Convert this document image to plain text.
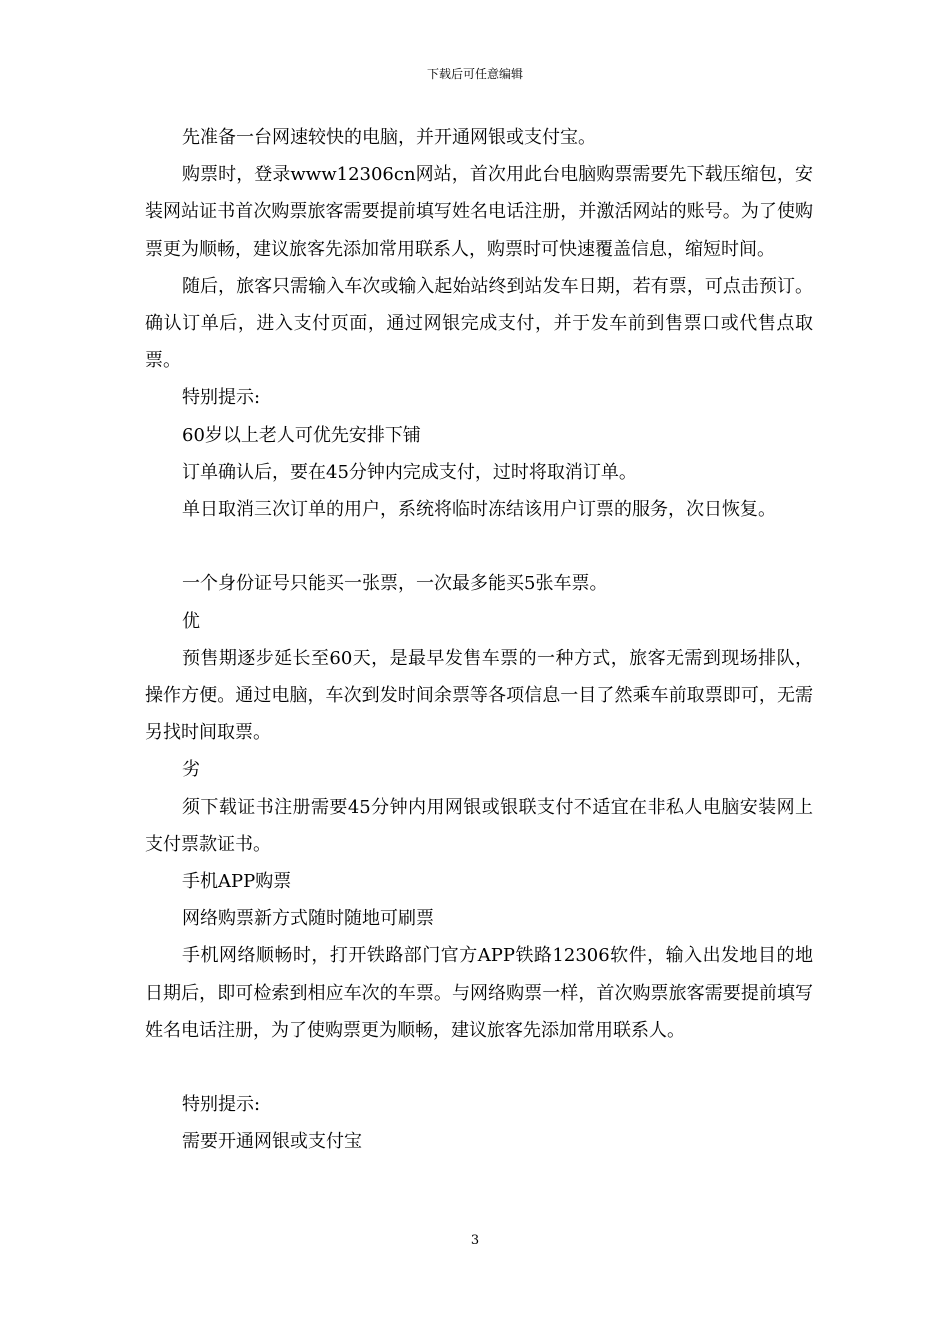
下载后可任意编辑

先准备一台网速较快的电脑，并开通网银或支付宝。

购票时，登录www12306cn网站，首次用此台电脑购票需要先下载压缩包，安装网站证书首次购票旅客需要提前填写姓名电话注册，并激活网站的账号。为了使购票更为顺畅，建议旅客先添加常用联系人，购票时可快速覆盖信息，缩短时间。

随后，旅客只需输入车次或输入起始站终到站发车日期，若有票，可点击预订。确认订单后，进入支付页面，通过网银完成支付，并于发车前到售票口或代售点取票。

特别提示:

60岁以上老人可优先安排下铺

订单确认后，要在45分钟内完成支付，过时将取消订单。

单日取消三次订单的用户，系统将临时冻结该用户订票的服务，次日恢复。

一个身份证号只能买一张票，一次最多能买5张车票。

优

预售期逐步延长至60天，是最早发售车票的一种方式，旅客无需到现场排队，操作方便。通过电脑，车次到发时间余票等各项信息一目了然乘车前取票即可，无需另找时间取票。

劣

须下载证书注册需要45分钟内用网银或银联支付不适宜在非私人电脑安装网上支付票款证书。

手机APP购票

网络购票新方式随时随地可刷票

手机网络顺畅时，打开铁路部门官方APP铁路12306软件，输入出发地目的地日期后，即可检索到相应车次的车票。与网络购票一样，首次购票旅客需要提前填写姓名电话注册，为了使购票更为顺畅，建议旅客先添加常用联系人。

特别提示:

需要开通网银或支付宝

3
